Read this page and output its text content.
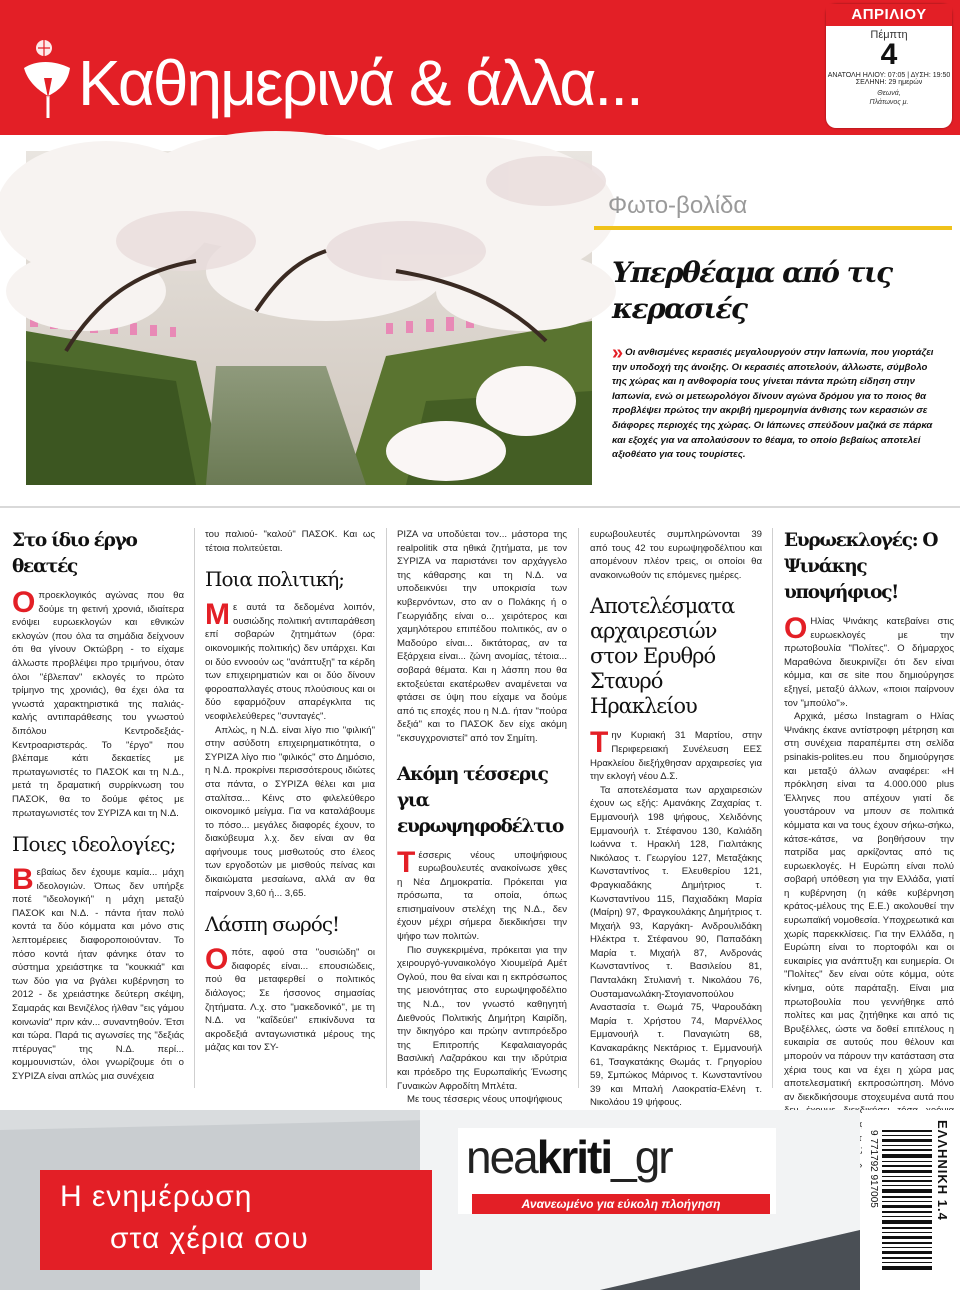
Καθημερινά & άλλα...
ΑΠΡΙΛΙΟΥ
Πέμπτη
4
ΑΝΑΤΟΛΗ ΗΛΙΟΥ: 07:05 | ΔΥΣΗ: 19:50
ΣΕΛΗΝΗ: 29 ημερών
Θεωνά,
Πλάτωνος μ.
Φωτο-βολίδα
Υπερθέαμα από τις κερασιές
» Οι ανθισμένες κερασιές μεγαλουργούν στην Ιαπωνία, που γιορτάζει την υποδοχή της άνοιξης. Οι κερασιές αποτελούν, άλλωστε, σύμβολο της χώρας και η ανθοφορία τους γίνεται πάντα πρώτη είδηση στην Ιαπωνία, ενώ οι μετεωρολόγοι δίνουν αγώνα δρόμου για το ποιος θα προβλέψει πρώτος την ακριβή ημερομηνία άνθισης των κερασιών σε διάφορες περιοχές της χώρας. Οι Ιάπωνες σπεύδουν μαζικά σε πάρκα και εξοχές για να απολαύσουν το θέαμα, το οποίο βεβαίως αποτελεί αξιοθέατο για τους τουρίστες.
Στο ίδιο έργο θεατές

Οπροεκλογικός αγώνας που θα δούμε τη φετινή χρονιά, ιδιαίτερα ενόψει ευρωεκλογών και εθνικών εκλογών (που όλα τα σημάδια δείχνουν ότι θα γίνουν Οκτώβρη - το είχαμε άλλωστε προβλέψει προ τριμήνου, όταν όλοι "έβλεπαν" εκλογές το πρώτο τρίμηνο της χρονιάς), θα έχει όλα τα γνωστά χαρακτηριστικά της παλιάς-καλής αντιπαράθεσης του γνωστού διπόλου Κεντροδεξιάς-Κεντροαριστεράς. Το "έργο" που βλέπαμε κάτι δεκαετίες με πρωταγωνιστές το ΠΑΣΟΚ και τη Ν.Δ., μετά τη δραματική συρρίκνωση του ΠΑΣΟΚ, θα το δούμε φέτος με πρωταγωνιστές τον ΣΥΡΙΖΑ και τη Ν.Δ.

Ποιες ιδεολογίες;

Βεβαίως δεν έχουμε καμία... μάχη ιδεολογιών. Όπως δεν υπήρξε ποτέ "ιδεολογική" η μάχη μεταξύ ΠΑΣΟΚ και Ν.Δ. - πάντα ήταν πολύ κοντά τα δύο κόμματα και μόνο στις λεπτομέρειες διαφοροποιούνταν. Το πόσο κοντά ήταν φάνηκε όταν το σύστημα χρειάστηκε τα "κουκκιά" και των δύο για να βγάλει κυβέρνηση το 2012 - δε χρειάστηκε δεύτερη σκέψη, Σαμαράς και Βενιζέλος ήλθαν "εις γάμου κοινωνία" πριν κάν... συναντηθούν. Έτσι και τώρα. Παρά τις αγωνσίες της "δεξιάς πτέρυγας" της Ν.Δ. περί... κομμουνιστών, όλοι γνωρίζουμε ότι ο ΣΥΡΙΖΑ είναι απλώς μια συνέχεια

του παλιού- "καλού" ΠΑΣΟΚ. Και ως τέτοια πολιτεύεται.

Ποια πολιτική;

Με αυτά τα δεδομένα λοιπόν, ουσιώδης πολιτική αντιπαράθεση επί σοβαρών ζητημάτων (όρα: οικονομικής πολιτικής) δεν υπάρχει. Και οι δύο εννοούν ως "ανάπτυξη" τα κέρδη των επιχειρηματιών και οι δύο δίνουν φοροαπαλλαγές στους πλούσιους και οι δύο εφαρμόζουν απαρέγκλιτα τις νεοφιλελεύθερες "συνταγές".

Απλώς, η Ν.Δ. είναι λίγο πιο "φιλική" στην ασύδοτη επιχειρηματικότητα, ο ΣΥΡΙΖΑ λίγο πιο "φιλικός" στο Δημόσιο, η Ν.Δ. προκρίνει περισσότερους ιδιώτες στα πάντα, ο ΣΥΡΙΖΑ θέλει και μια σταλίτσα... Κέινς στο φιλελεύθερο οικονομικό μείγμα. Για να καταλάβουμε το πόσο... μεγάλες διαφορές έχουν, το διακύβευμα λ.χ. δεν είναι αν θα αφήνουμε τους μισθωτούς στο έλεος των εργοδοτών με μισθούς πείνας και δικαιώματα μεσαίωνα, αλλά αν θα παίρνουν 3,60 ή... 3,65.

Λάσπη σωρός!

Οπότε, αφού στα "ουσιώδη" οι διαφορές είναι... επουσιώδεις, πού θα μεταφερθεί ο πολιτικός διάλογος; Σε ήσσονος σημασίας ζητήματα. Λ.χ. στο "μακεδονικό", με τη Ν.Δ. να "καΐδεύει" επικίνδυνα τα ακροδεξιά ανταγωνιστικά μέρους της μάζας και τον ΣΥ-

ΡΙΖΑ να υποδύεται τον... μάστορα της realpolitik στα ηθικά ζητήματα, με τον ΣΥΡΙΖΑ να παριστάνει τον αρχάγγελο της κάθαρσης και τη Ν.Δ. να υποδεικνύει την υποκρισία των κυβερνόντων, στο αν ο Πολάκης ή ο Γεωργιάδης είναι ο... χειρότερος και χαμηλότερου επιπέδου πολιτικός, αν ο Μαδούρο είναι... δικτάτορας, αν τα Εξάρχεια είναι... ζώνη ανομίας, τέτοια... σοβαρά θέματα. Και η λάσπη που θα εκτοξεύεται εκατέρωθεν αναμένεται να φτάσει σε ύψη που είχαμε να δούμε από τις εποχές που η Ν.Δ. ήταν "πούρα δεξιά" και το ΠΑΣΟΚ δεν είχε ακόμη "εκσυγχρονιστεί" από τον Σημίτη.

Ακόμη τέσσερις για ευρωψηφοδέλτιο

Τέσσερις νέους υποψήφιους ευρωβουλευτές ανακοίνωσε χθες η Νέα Δημοκρατία. Πρόκειται για πρόσωπα, τα οποία, όπως επισημαίνουν στελέχη της Ν.Δ., δεν έχουν μέχρι σήμερα διεκδικήσει την ψήφο των πολιτών.

Πιο συγκεκριμένα, πρόκειται για την χειρουργό-γυναικολόγο Χιουμεϊρά Αμέτ Ογλού, που θα είναι και η εκπρόσωπος της μειονότητας στο ευρωψηφοδέλτιο της Ν.Δ., τον γνωστό καθηγητή Διεθνούς Πολιτικής Δημήτρη Καιρίδη, την δικηγόρο και πρώην αντιπρόεδρο της Επιτροπής Κεφαλαιαγοράς Βασιλική Λαζαράκου και την ιδρύτρια και πρόεδρο της Ευρωπαϊκής Ένωσης Γυναικών Αφροδίτη Μπλέτα.

Με τους τέσσερις νέους υποψήφιους

ευρωβουλευτές συμπληρώνονται 39 από τους 42 του ευρωψηφοδέλτιου και απομένουν πλέον τρεις, οι οποίοι θα ανακοινωθούν τις επόμενες ημέρες.

Αποτελέσματα αρχαιρεσιών στον Ερυθρό Σταυρό Ηρακλείου

Την Κυριακή 31 Μαρτίου, στην Περιφερειακή Συνέλευση ΕΕΣ Ηρακλείου διεξήχθησαν αρχαιρεσίες για την εκλογή νέου Δ.Σ.

Τα αποτελέσματα των αρχαιρεσιών έχουν ως εξής: Αμανάκης Ζαχαρίας τ. Εμμανουήλ 198 ψήφους, Χελιδόνης Εμμανουήλ τ. Στέφανου 130, Καλιάδη Ιωάννα τ. Ηρακλή 128, Γιαλιτάκης Νικόλαος τ. Γεωργίου 127, Μεταξάκης Κωνσταντίνος τ. Ελευθερίου 121, Φραγκιαδάκης Δημήτριος τ. Κωνσταντίνου 115, Παχιαδάκη Μαρία (Μαίρη) 97, Φραγκουλάκης Δημήτριος τ. Μιχαήλ 93, Καργάκη- Ανδρουλιδάκη Ηλέκτρα τ. Στέφανου 90, Παπαδάκη Μαρία τ. Μιχαήλ 87, Ανδρονάς Κωνσταντίνος τ. Βασιλείου 81, Πανταλάκη Στυλιανή τ. Νικολάου 76, Ουσταμανωλάκη-Στογιανοπούλου Αναστασία τ. Θωμά 75, Ψαρουδάκη Μαρία τ. Χρήστου 74, Μαρνέλλος Εμμανουήλ τ. Παναγιώτη 68, Κανακαράκης Νεκτάριος τ. Εμμανουήλ 61, Τσαγκατάκης Θωμάς τ. Γρηγορίου 59, Σμπώκος Μάρινος τ. Κωνσταντίνου 39 και Μπαλή Λαοκρατία-Ελένη τ. Νικολάου 19 ψήφους.

Ευρωεκλογές: Ο Ψινάκης υποψήφιος!

Ο Ηλίας Ψινάκης κατεβαίνει στις ευρωεκλογές με την πρωτοβουλία "Πολίτες". Ο δήμαρχος Μαραθώνα διευκρινίζει ότι δεν είναι κόμμα, και σε site που δημιούργησε εξηγεί, μεταξύ άλλων, «ποιοι παίρνουν τον "μπούλο"».

Αρχικά, μέσω Instagram ο Ηλίας Ψινάκης έκανε αντίστροφη μέτρηση και στη συνέχεια παραπέμπει στη σελίδα psinakis-polites.eu που δημιούργησε και μεταξύ άλλων αναφέρει: «Η πρόκληση είναι τα 4.000.000 plus Έλληνες που απέχουν γιατί δε γουστάρουν να μπουν σε πολιτικά κόμματα και να τους έχουν σήκω-σήκω, κάτσε-κάτσε, να βοηθήσουν την πατρίδα μας αρκίζοντας από τις ευρωεκλογές. Η Ευρώπη είναι πολύ σοβαρή υπόθεση για την Ελλάδα, γιατί η κυβέρνηση (η κάθε κυβέρνηση κράτος-μέλους της Ε.Ε.) ακολουθεί την ευρωπαϊκή νομοθεσία. Υποχρεωτικά και χωρίς παρεκκλίσεις. Για την Ελλάδα, η Ευρώπη είναι το πορτοφόλι και οι ευκαιρίες για ανάπτυξη και ευημερία. Οι "Πολίτες" δεν είναι ούτε κόμμα, ούτε κίνημα, ούτε παράταξη. Είναι μια πρωτοβουλία που γεννήθηκε από πολίτες και μας ζητήθηκε και από τις Βρυξέλλες, ώστε να δοθεί επιτέλους η ευκαιρία σε αυτούς που θέλουν και μπορούν να πάρουν την κατάσταση στα χέρια τους και να έχει η χώρα μας αποτελεσματική εκπροσώπηση. Μόνο αν διεκδικήσουμε στοχευμένα αυτά που

Η ενημέρωση
στα χέρια σου
neakriti_gr
Ανανεωμένο για εύκολη πλοήγηση	ΕΛΛΗΝΙΚΗ 1.4
9 771792 917005
